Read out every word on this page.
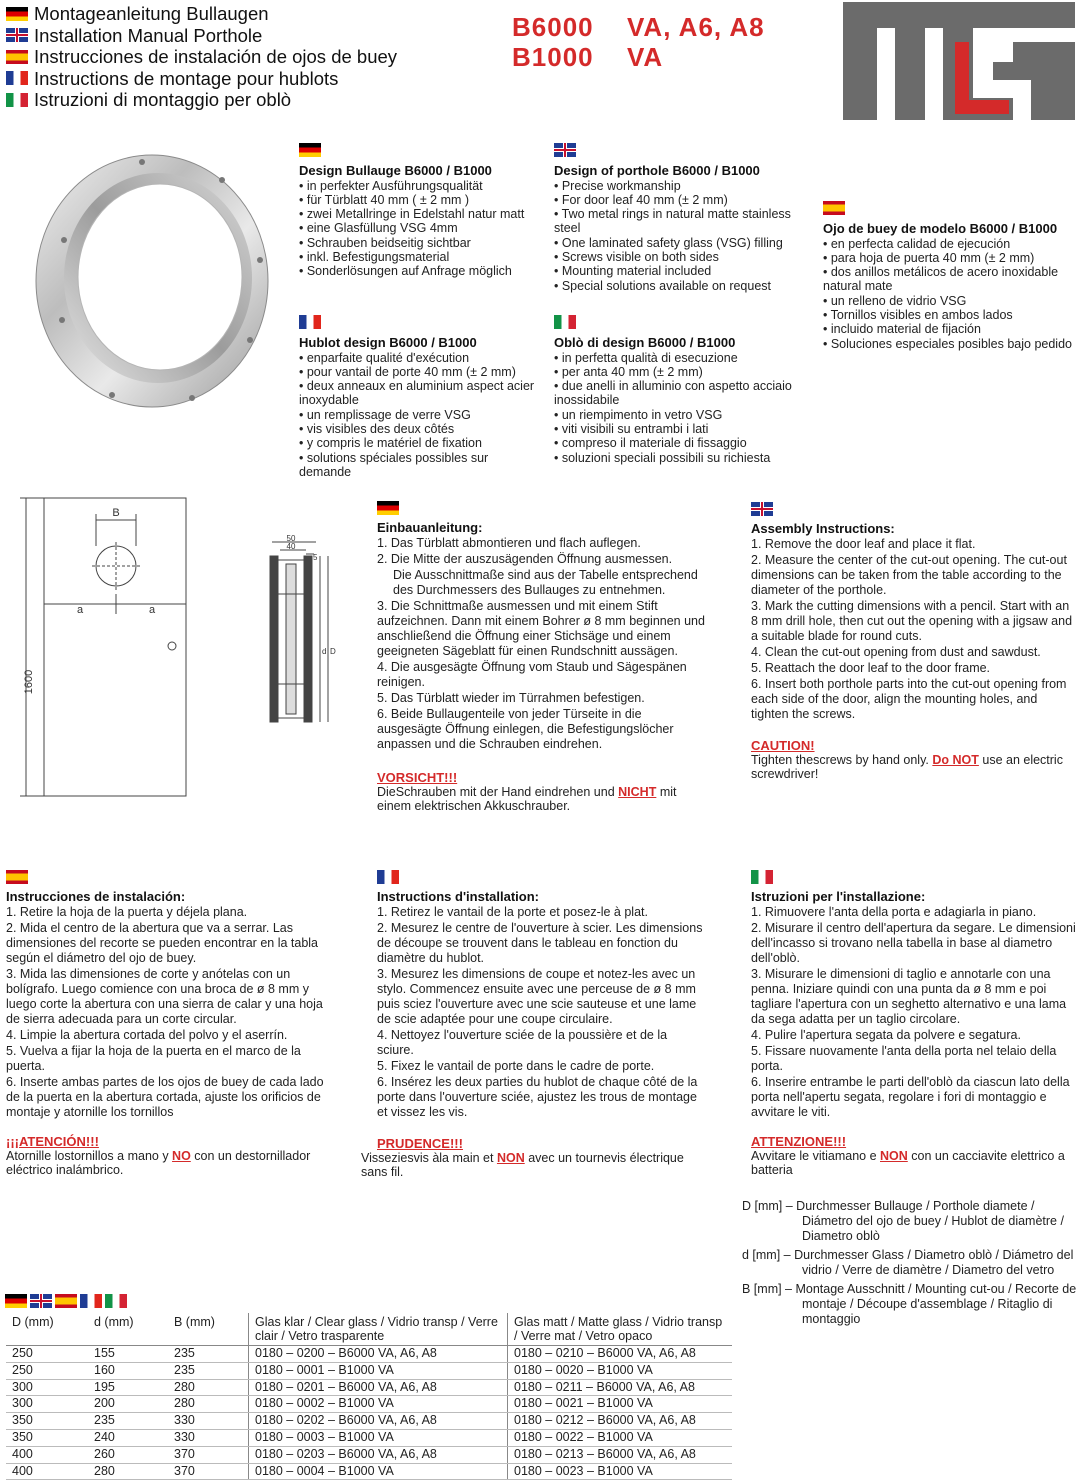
Montageanleitung Bullaugen
Installation Manual Porthole
Instrucciones de instalación de ojos de buey
Instructions de montage pour hublots
Istruzioni di montaggio per oblò
B6000 VA, A6, A8
B1000 VA
Design Bullauge B6000 / B1000
• in perfekter Ausführungsqualität
• für Türblatt 40 mm ( ± 2 mm )
• zwei Metallringe in Edelstahl natur matt
• eine Glasfüllung VSG 4mm
• Schrauben beidseitig sichtbar
• inkl. Befestigungsmaterial
• Sonderlösungen auf Anfrage möglich
Design of porthole B6000 / B1000
• Precise workmanship
• For door leaf 40 mm (± 2 mm)
• Two metal rings in natural matte stainless steel
• One laminated safety glass (VSG) filling
• Screws visible on both sides
• Mounting material included
• Special solutions available on request
Ojo de buey de modelo B6000 / B1000
• en perfecta calidad de ejecución
• para hoja de puerta 40 mm (± 2 mm)
• dos anillos metálicos de acero inoxidable natural mate
• un relleno de vidrio VSG
• Tornillos visibles en ambos lados
• incluido material de fijación
• Soluciones especiales posibles bajo pedido
Hublot design B6000 / B1000
• enparfaite qualité d'exécution
• pour vantail de porte 40 mm (± 2 mm)
• deux anneaux en aluminium aspect acier inoxydable
• un remplissage de verre VSG
• vis visibles des deux côtés
• y compris le matériel de fixation
• solutions spéciales possibles sur demande
Oblò di design B6000 / B1000
• in perfetta qualità di esecuzione
• per anta 40 mm (± 2 mm)
• due anelli in alluminio con aspetto acciaio inossidabile
• un riempimento in vetro VSG
• viti visibili su entrambi i lati
• compreso il materiale di fissaggio
• soluzioni speciali possibili su richiesta
B
a	a
1600
50
40
5
d D
Einbauanleitung:
1. Das Türblatt abmontieren und flach auflegen.
2. Die Mitte der auszusägenden Öffnung ausmessen.
Die Ausschnittmaße sind aus der Tabelle entsprechend des Durchmessers des Bullauges zu entnehmen.
3. Die Schnittmaße ausmessen und mit einem Stift aufzeichnen. Dann mit einem Bohrer ø 8 mm beginnen und anschließend die Öffnung einer Stichsäge und einem geeigneten Sägeblatt für einen Rundschnitt aussägen.
4. Die ausgesägte Öffnung vom Staub und Sägespänen reinigen.
5. Das Türblatt wieder im Türrahmen befestigen.
6. Beide Bullaugenteile von jeder Türseite in die ausgesägte Öffnung einlegen, die Befestigungslöcher anpassen und die Schrauben eindrehen.
VORSICHT!!!
DieSchrauben mit der Hand eindrehen und NICHT mit einem elektrischen Akkuschrauber.
Assembly Instructions:
1. Remove the door leaf and place it flat.
2. Measure the center of the cut-out opening. The cut-out dimensions can be taken from the table according to the diameter of the porthole.
3. Mark the cutting dimensions with a pencil. Start with an 8 mm drill hole, then cut out the opening with a jigsaw and a suitable blade for round cuts.
4. Clean the cut-out opening from dust and sawdust.
5. Reattach the door leaf to the door frame.
6. Insert both porthole parts into the cut-out opening from each side of the door, align the mounting holes, and tighten the screws.
CAUTION!
Tighten thescrews by hand only. Do NOT use an electric screwdriver!
Instrucciones de instalación:
1. Retire la hoja de la puerta y déjela plana.
2. Mida el centro de la abertura que va a serrar. Las dimensiones del recorte se pueden encontrar en la tabla según el diámetro del ojo de buey.
3. Mida las dimensiones de corte y anótelas con un bolígrafo. Luego comience con una broca de ø 8 mm y luego corte la abertura con una sierra de calar y una hoja de sierra adecuada para un corte circular.
4. Limpie la abertura cortada del polvo y el aserrín.
5. Vuelva a fijar la hoja de la puerta en el marco de la puerta.
6. Inserte ambas partes de los ojos de buey de cada lado de la puerta en la abertura cortada, ajuste los orificios de montaje y atornille los tornillos
¡¡¡ATENCIÓN!!!
Atornille lostornillos a mano y NO con un destornillador eléctrico inalámbrico.
Instructions d'installation:
1. Retirez le vantail de la porte et posez-le à plat.
2. Mesurez le centre de l'ouverture à scier. Les dimensions de découpe se trouvent dans le tableau en fonction du diamètre du hublot.
3. Mesurez les dimensions de coupe et notez-les avec un stylo. Commencez ensuite avec une perceuse de ø 8 mm puis sciez l'ouverture avec une scie sauteuse et une lame de scie adaptée pour une coupe circulaire.
4. Nettoyez l'ouverture sciée de la poussière et de la sciure.
5. Fixez le vantail de porte dans le cadre de porte.
6. Insérez les deux parties du hublot de chaque côté de la porte dans l'ouverture sciée, ajustez les trous de montage et vissez les vis.
PRUDENCE!!!
Visseziesvis àla main et NON avec un tournevis électrique sans fil.
Istruzioni per l'installazione:
1. Rimuovere l'anta della porta e adagiarla in piano.
2. Misurare il centro dell'apertura da segare. Le dimensioni dell'incasso si trovano nella tabella in base al diametro dell'oblò.
3. Misurare le dimensioni di taglio e annotarle con una penna. Iniziare quindi con una punta da ø 8 mm e poi tagliare l'apertura con un seghetto alternativo e una lama da sega adatta per un taglio circolare.
4. Pulire l'apertura segata da polvere e segatura.
5. Fissare nuovamente l'anta della porta nel telaio della porta.
6. Inserire entrambe le parti dell'oblò da ciascun lato della porta nell'apertu segata, regolare i fori di montaggio e avvitare le viti.
ATTENZIONE!!!
Avvitare le vitiamano e NON con un cacciavite elettrico a batteria

D [mm] – Durchmesser Bullauge / Porthole diamete / Diámetro del ojo de buey / Hublot de diamètre / Diametro oblò

d [mm] – Durchmesser Glass / Diametro oblò / Diámetro del vidrio / Verre de diamètre / Diametro del vetro

B [mm] – Montage Ausschnitt / Mounting cut-ou / Recorte de montaje / Découpe d'assemblage / Ritaglio di montaggio

D (mm)	d (mm)	B (mm)	Glas klar / Clear glass / Vidrio transp / Verre clair / Vetro trasparente	Glas matt / Matte glass / Vidrio transp / Verre mat / Vetro opaco
250	155	235	0180 – 0200 – B6000 VA, A6, A8	0180 – 0210 – B6000 VA, A6, A8
250	160	235	0180 – 0001 – B1000 VA	0180 – 0020 – B1000 VA
300	195	280	0180 – 0201 – B6000 VA, A6, A8	0180 – 0211 – B6000 VA, A6, A8
300	200	280	0180 – 0002 – B1000 VA	0180 – 0021 – B1000 VA
350	235	330	0180 – 0202 – B6000 VA, A6, A8	0180 – 0212 – B6000 VA, A6, A8
350	240	330	0180 – 0003 – B1000 VA	0180 – 0022 – B1000 VA
400	260	370	0180 – 0203 – B6000 VA, A6, A8	0180 – 0213 – B6000 VA, A6, A8
400	280	370	0180 – 0004 – B1000 VA	0180 – 0023 – B1000 VA
